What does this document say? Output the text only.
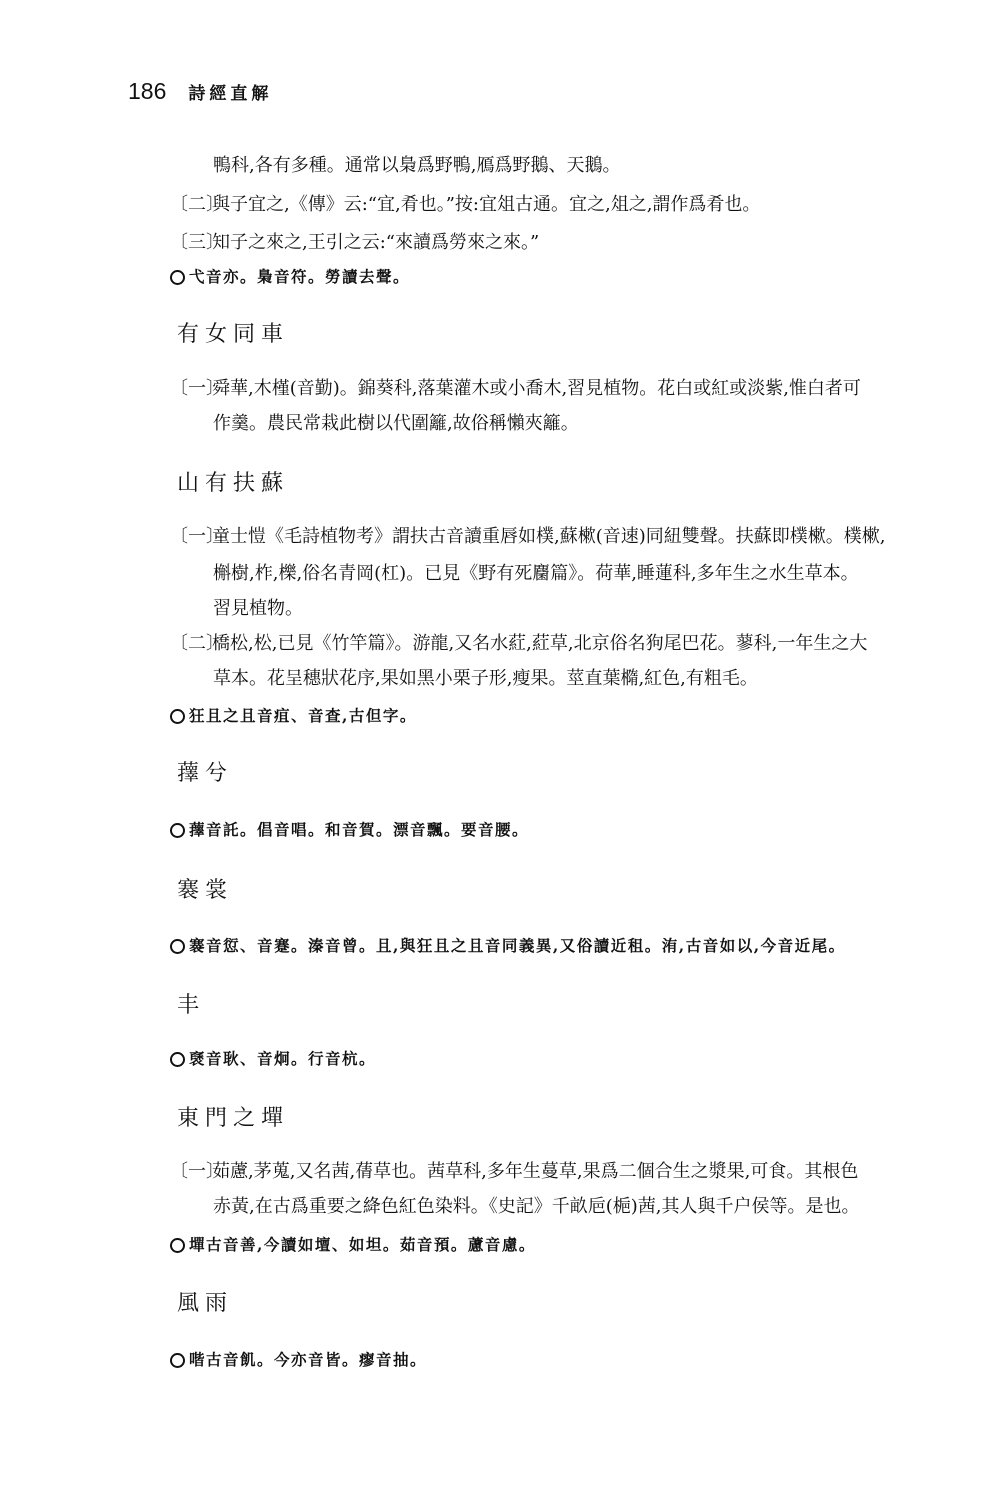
186 詩經直解
鴨科,各有多種。通常以梟爲野鴨,鴈爲野鵝、天鵝。
〔二〕與子宜之,《傳》云:“宜,肴也。”按:宜俎古通。宜之,俎之,謂作爲肴也。
〔三〕知子之來之,王引之云:“來讀爲勞來之來。”
弋音亦。梟音符。勞讀去聲。
有女同車
〔一〕舜華,木槿(音勤)。錦葵科,落葉灌木或小喬木,習見植物。花白或紅或淡紫,惟白者可
作羹。農民常栽此樹以代圍籬,故俗稱懶夾籬。
山有扶蘇
〔一〕童士愷《毛詩植物考》謂扶古音讀重唇如樸,蘇樕(音速)同紐雙聲。扶蘇即樸樕。樸樕,
槲樹,柞,櫟,俗名青岡(杠)。已見《野有死麕篇》。荷華,睡蓮科,多年生之水生草本。
習見植物。
〔二〕橋松,松,已見《竹竿篇》。游龍,又名水葒,葒草,北京俗名狗尾巴花。蓼科,一年生之大
草本。花呈穗狀花序,果如黑小栗子形,瘦果。莖直葉橢,紅色,有粗毛。
狂且之且音疽、音查,古但字。
蘀兮
蘀音託。倡音唱。和音賀。漂音飄。要音腰。
褰裳
褰音愆、音蹇。溱音曾。且,與狂且之且音同義異,又俗讀近租。洧,古音如以,今音近尾。
丰
褎音耿、音炯。行音杭。
東門之墠
〔一〕茹藘,茅蒐,又名茜,蒨草也。茜草科,多年生蔓草,果爲二個合生之漿果,可食。其根色
赤黃,在古爲重要之絳色紅色染料。《史記》千畝巵(梔)茜,其人與千户侯等。是也。
墠古音善,今讀如壇、如坦。茹音預。藘音慮。
風雨
喈古音飢。今亦音皆。瘳音抽。
